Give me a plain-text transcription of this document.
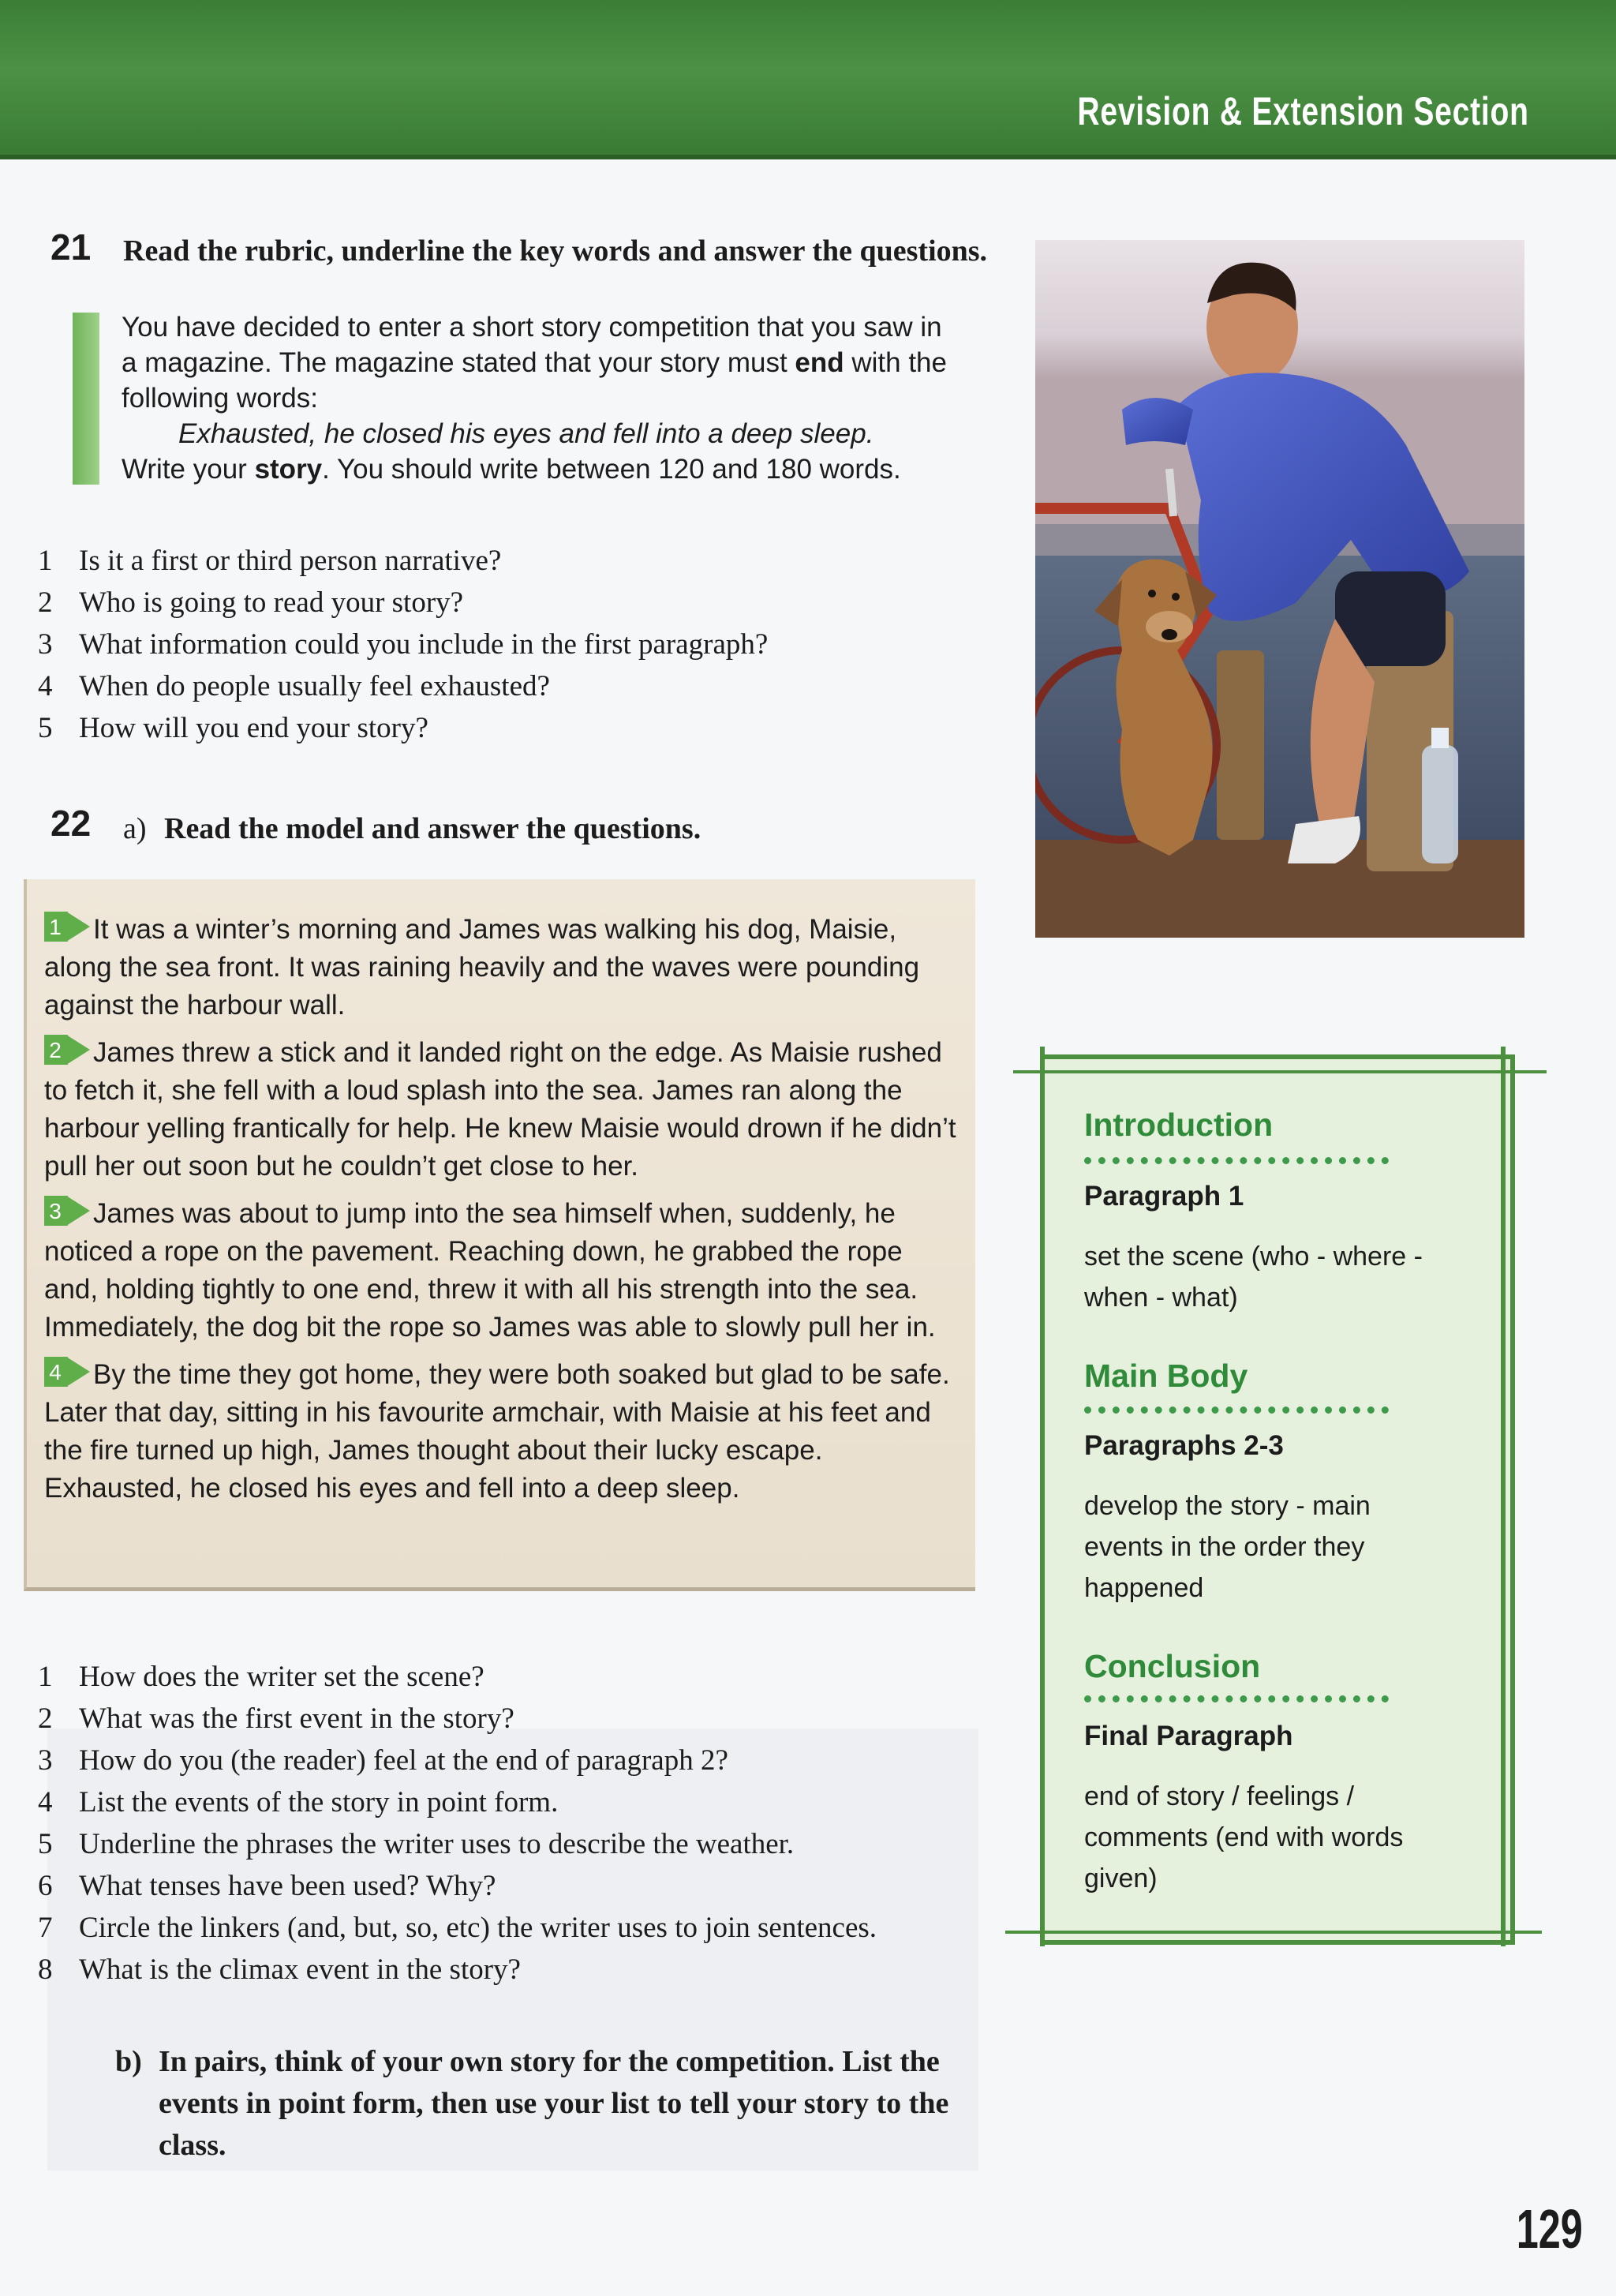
Revision & Extension Section
21 Read the rubric, underline the key words and answer the questions.
You have decided to enter a short story competition that you saw in
a magazine. The magazine stated that your story must end with the
following words:
Exhausted, he closed his eyes and fell into a deep sleep.
Write your story. You should write between 120 and 180 words.
1 Is it a first or third person narrative?
2 Who is going to read your story?
3 What information could you include in the first paragraph?
4 When do people usually feel exhausted?
5 How will you end your story?
22 a) Read the model and answer the questions.
1 It was a winter’s morning and James was walking his dog, Maisie, along the sea front. It was raining heavily and the waves were pounding against the harbour wall.
2 James threw a stick and it landed right on the edge. As Maisie rushed to fetch it, she fell with a loud splash into the sea. James ran along the harbour yelling frantically for help. He knew Maisie would drown if he didn’t pull her out soon but he couldn’t get close to her.
3 James was about to jump into the sea himself when, suddenly, he noticed a rope on the pavement. Reaching down, he grabbed the rope and, holding tightly to one end, threw it with all his strength into the sea. Immediately, the dog bit the rope so James was able to slowly pull her in.
4 By the time they got home, they were both soaked but glad to be safe. Later that day, sitting in his favourite armchair, with Maisie at his feet and the fire turned up high, James thought about their lucky escape. Exhausted, he closed his eyes and fell into a deep sleep.
1 How does the writer set the scene?
2 What was the first event in the story?
3 How do you (the reader) feel at the end of paragraph 2?
4 List the events of the story in point form.
5 Underline the phrases the writer uses to describe the weather.
6 What tenses have been used? Why?
7 Circle the linkers (and, but, so, etc) the writer uses to join sentences.
8 What is the climax event in the story?
b) In pairs, think of your own story for the competition. List the events in point form, then use your list to tell your story to the class.
Introduction
Paragraph 1
set the scene (who - where - when - what)
Main Body
Paragraphs 2-3
develop the story - main events in the order they happened
Conclusion
Final Paragraph
end of story / feelings / comments (end with words given)
129
